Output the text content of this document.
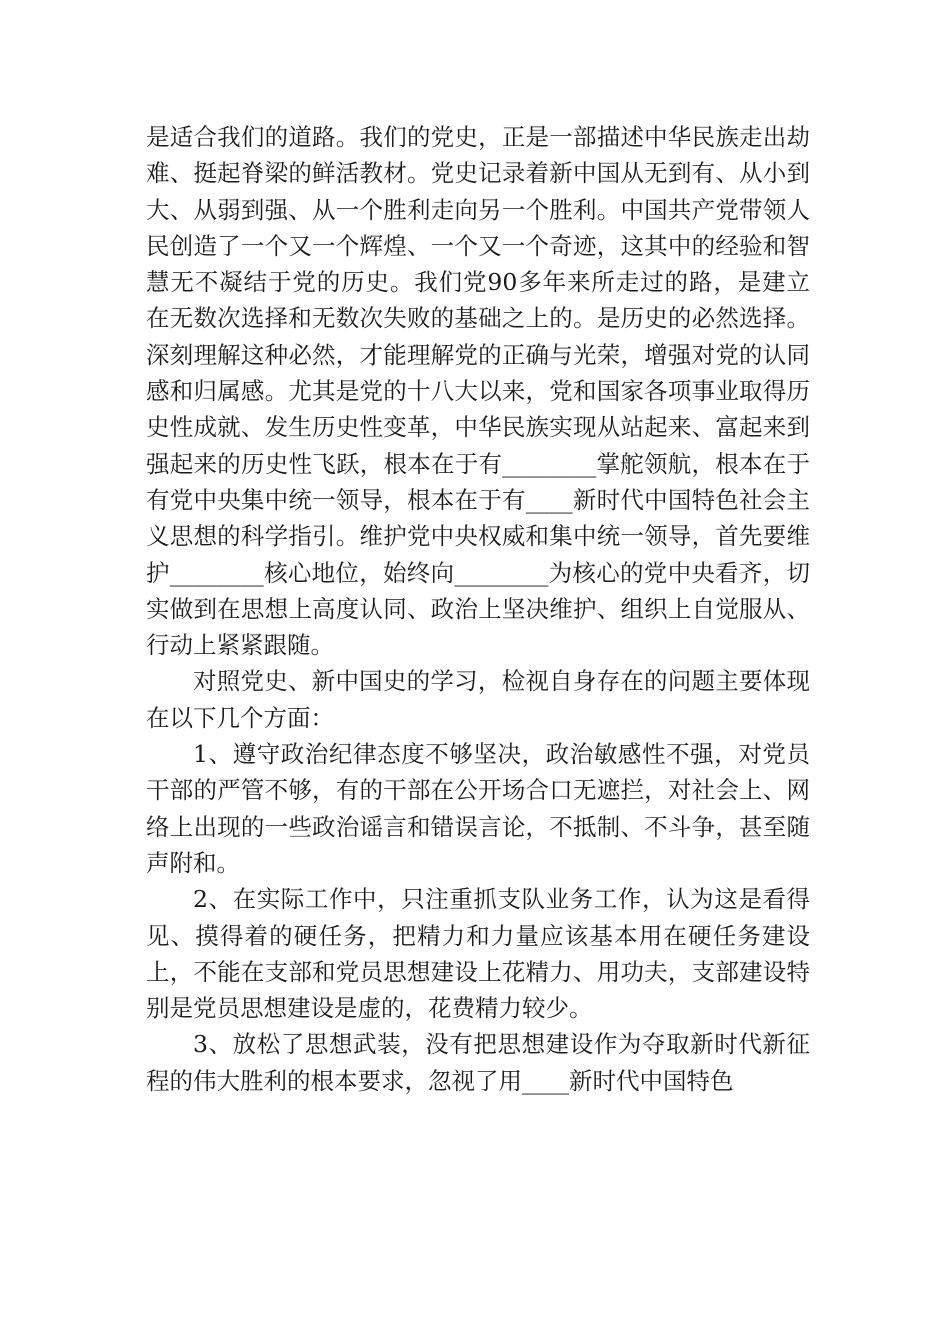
是适合我们的道路。我们的党史，正是一部描述中华民族走出劫难、挺起脊梁的鲜活教材。党史记录着新中国从无到有、从小到大、从弱到强、从一个胜利走向另一个胜利。中国共产党带领人民创造了一个又一个辉煌、一个又一个奇迹，这其中的经验和智慧无不凝结于党的历史。我们党90多年来所走过的路，是建立在无数次选择和无数次失败的基础之上的。是历史的必然选择。深刻理解这种必然，才能理解党的正确与光荣，增强对党的认同感和归属感。尤其是党的十八大以来，党和国家各项事业取得历史性成就、发生历史性变革，中华民族实现从站起来、富起来到强起来的历史性飞跃，根本在于有________掌舵领航，根本在于有党中央集中统一领导，根本在于有____新时代中国特色社会主义思想的科学指引。维护党中央权威和集中统一领导，首先要维护________核心地位，始终向________为核心的党中央看齐，切实做到在思想上高度认同、政治上坚决维护、组织上自觉服从、行动上紧紧跟随。

对照党史、新中国史的学习，检视自身存在的问题主要体现在以下几个方面：

1、遵守政治纪律态度不够坚决，政治敏感性不强，对党员干部的严管不够，有的干部在公开场合口无遮拦，对社会上、网络上出现的一些政治谣言和错误言论，不抵制、不斗争，甚至随声附和。

2、在实际工作中，只注重抓支队业务工作，认为这是看得见、摸得着的硬任务，把精力和力量应该基本用在硬任务建设上，不能在支部和党员思想建设上花精力、用功夫，支部建设特别是党员思想建设是虚的，花费精力较少。

3、放松了思想武装，没有把思想建设作为夺取新时代新征程的伟大胜利的根本要求，忽视了用____新时代中国特色
